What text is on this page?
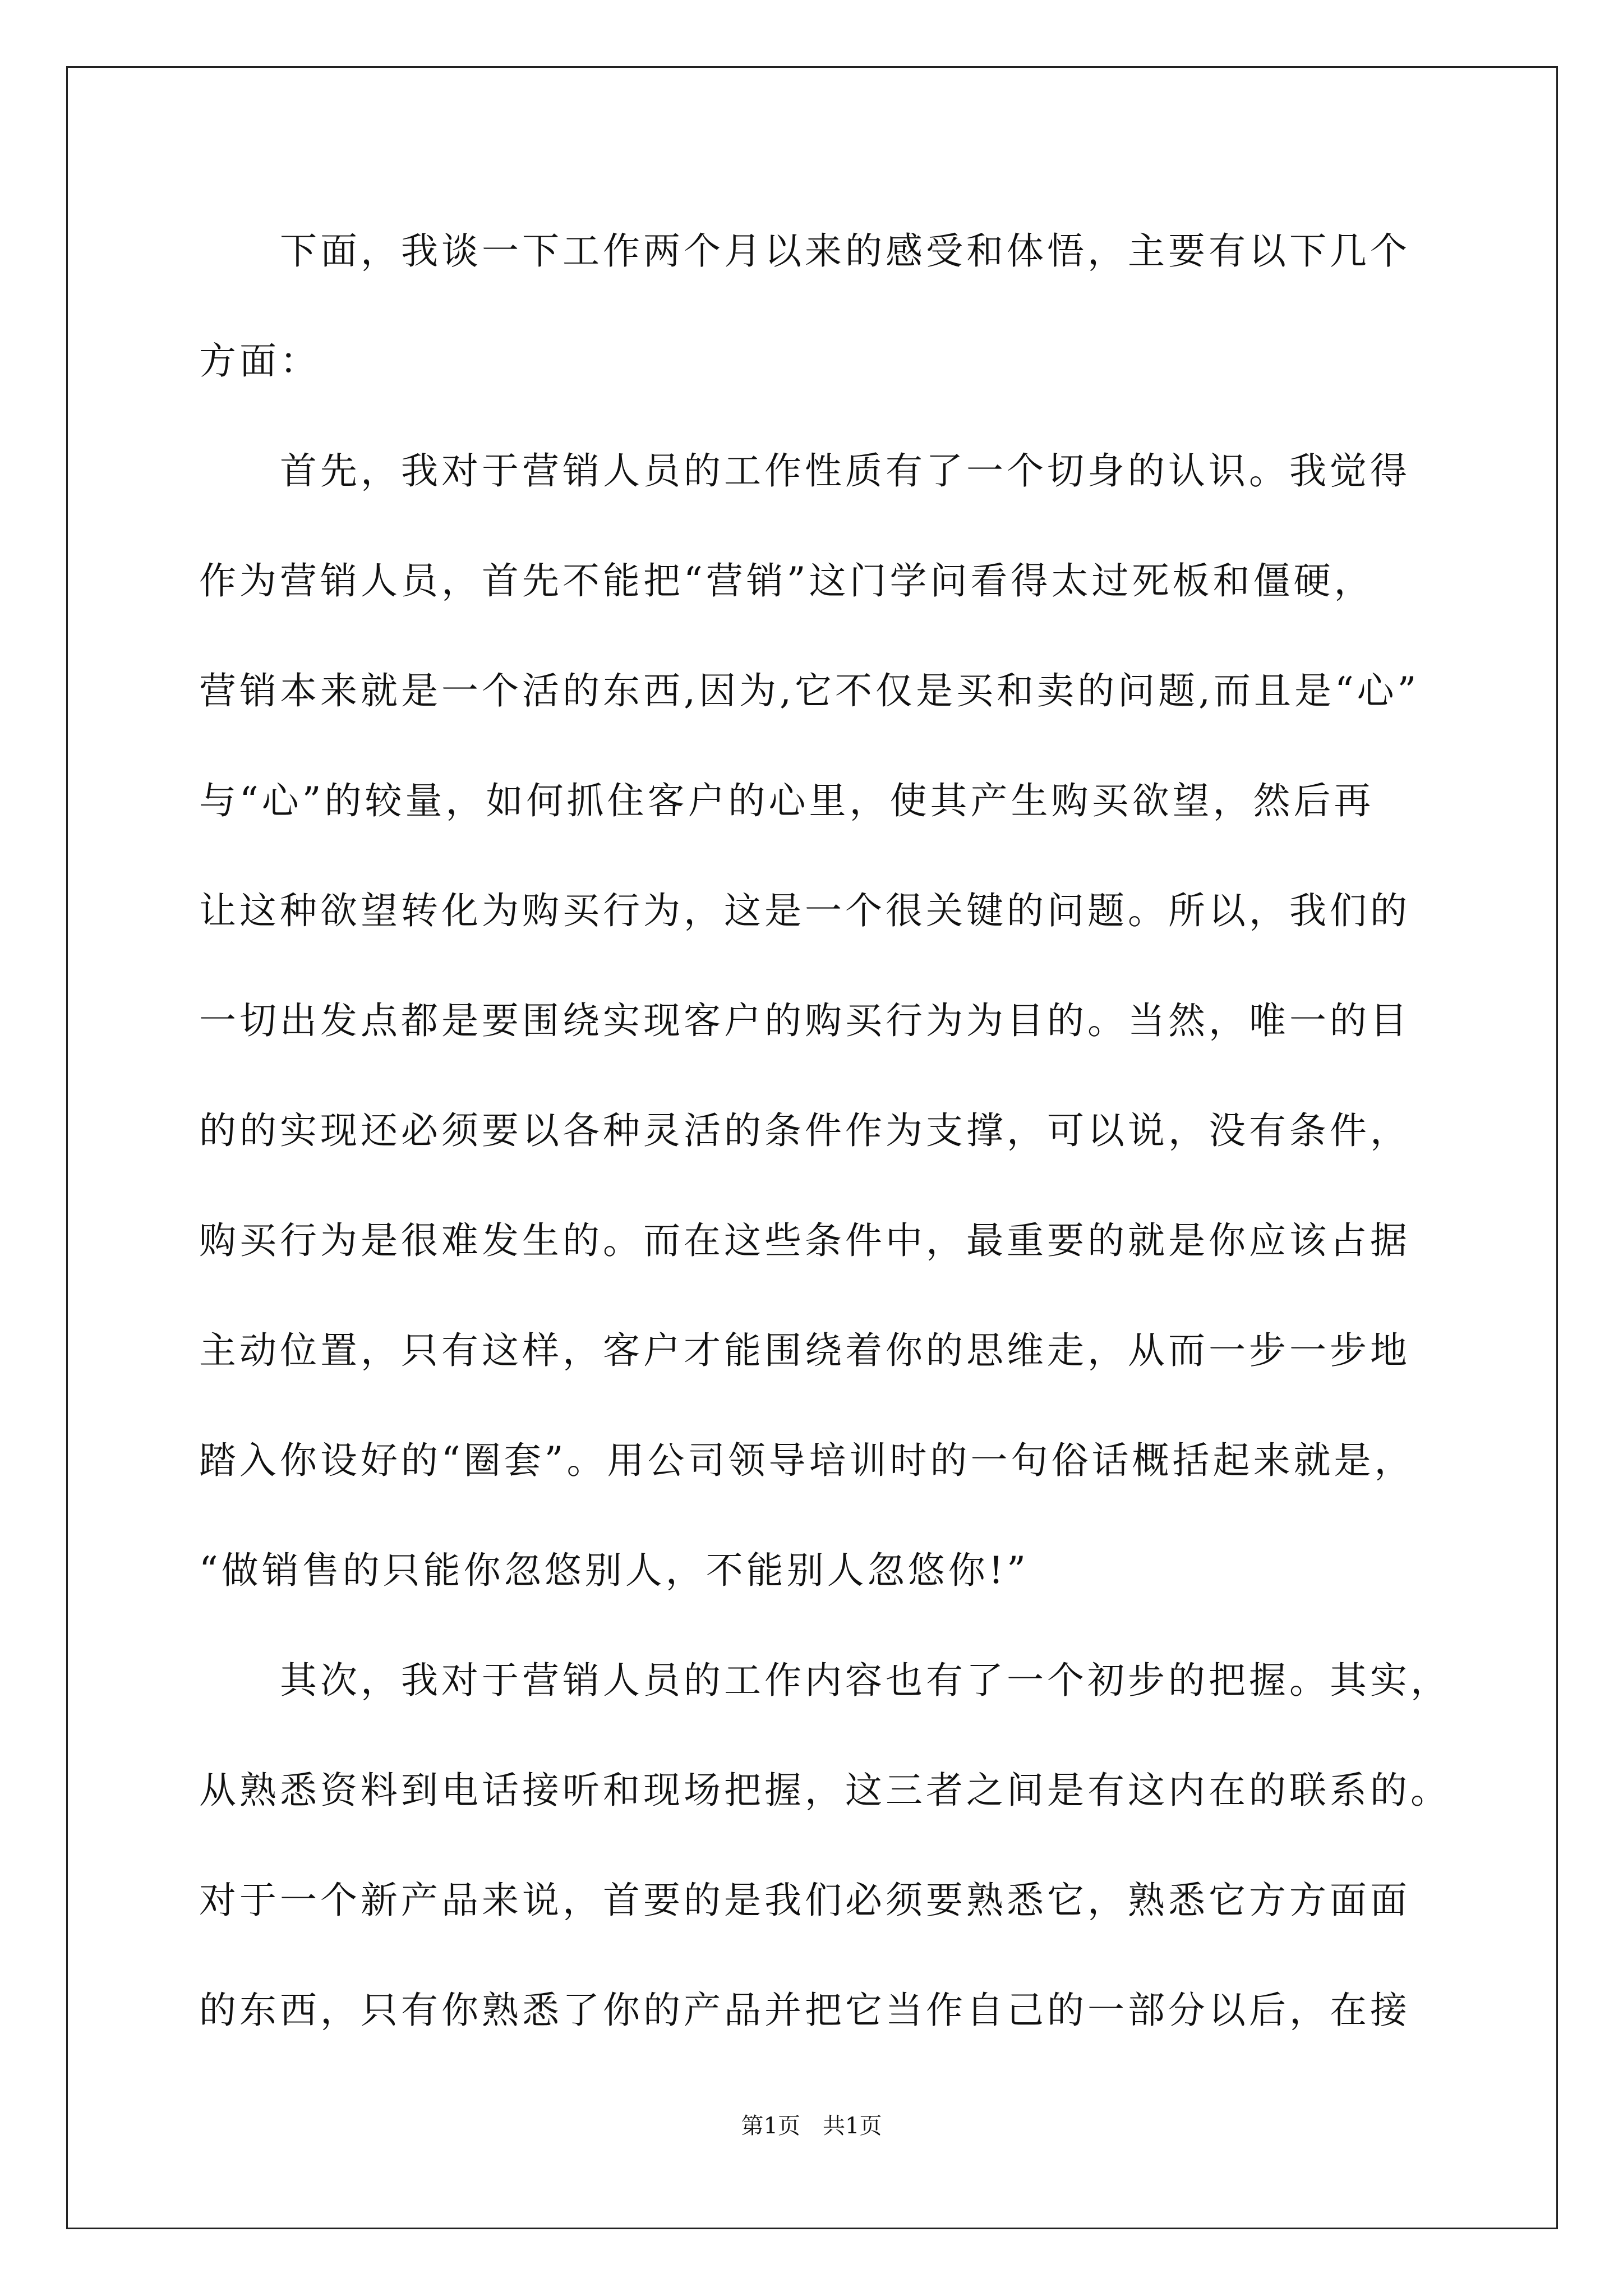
　　下面，我谈一下工作两个月以来的感受和体悟，主要有以下几个
方面：
　　首先，我对于营销人员的工作性质有了一个切身的认识。我觉得
作为营销人员，首先不能把“营销”这门学问看得太过死板和僵硬，
营销本来就是一个活的东西,因为,它不仅是买和卖的问题,而且是“心”
与“心”的较量，如何抓住客户的心里，使其产生购买欲望，然后再
让这种欲望转化为购买行为，这是一个很关键的问题。所以，我们的
一切出发点都是要围绕实现客户的购买行为为目的。当然，唯一的目
的的实现还必须要以各种灵活的条件作为支撑，可以说，没有条件，
购买行为是很难发生的。而在这些条件中，最重要的就是你应该占据
主动位置，只有这样，客户才能围绕着你的思维走，从而一步一步地
踏入你设好的“圈套”。用公司领导培训时的一句俗话概括起来就是，
“做销售的只能你忽悠别人，不能别人忽悠你!”
　　其次，我对于营销人员的工作内容也有了一个初步的把握。其实，
从熟悉资料到电话接听和现场把握，这三者之间是有这内在的联系的。
对于一个新产品来说，首要的是我们必须要熟悉它，熟悉它方方面面
的东西，只有你熟悉了你的产品并把它当作自己的一部分以后，在接
第1页 共1页
